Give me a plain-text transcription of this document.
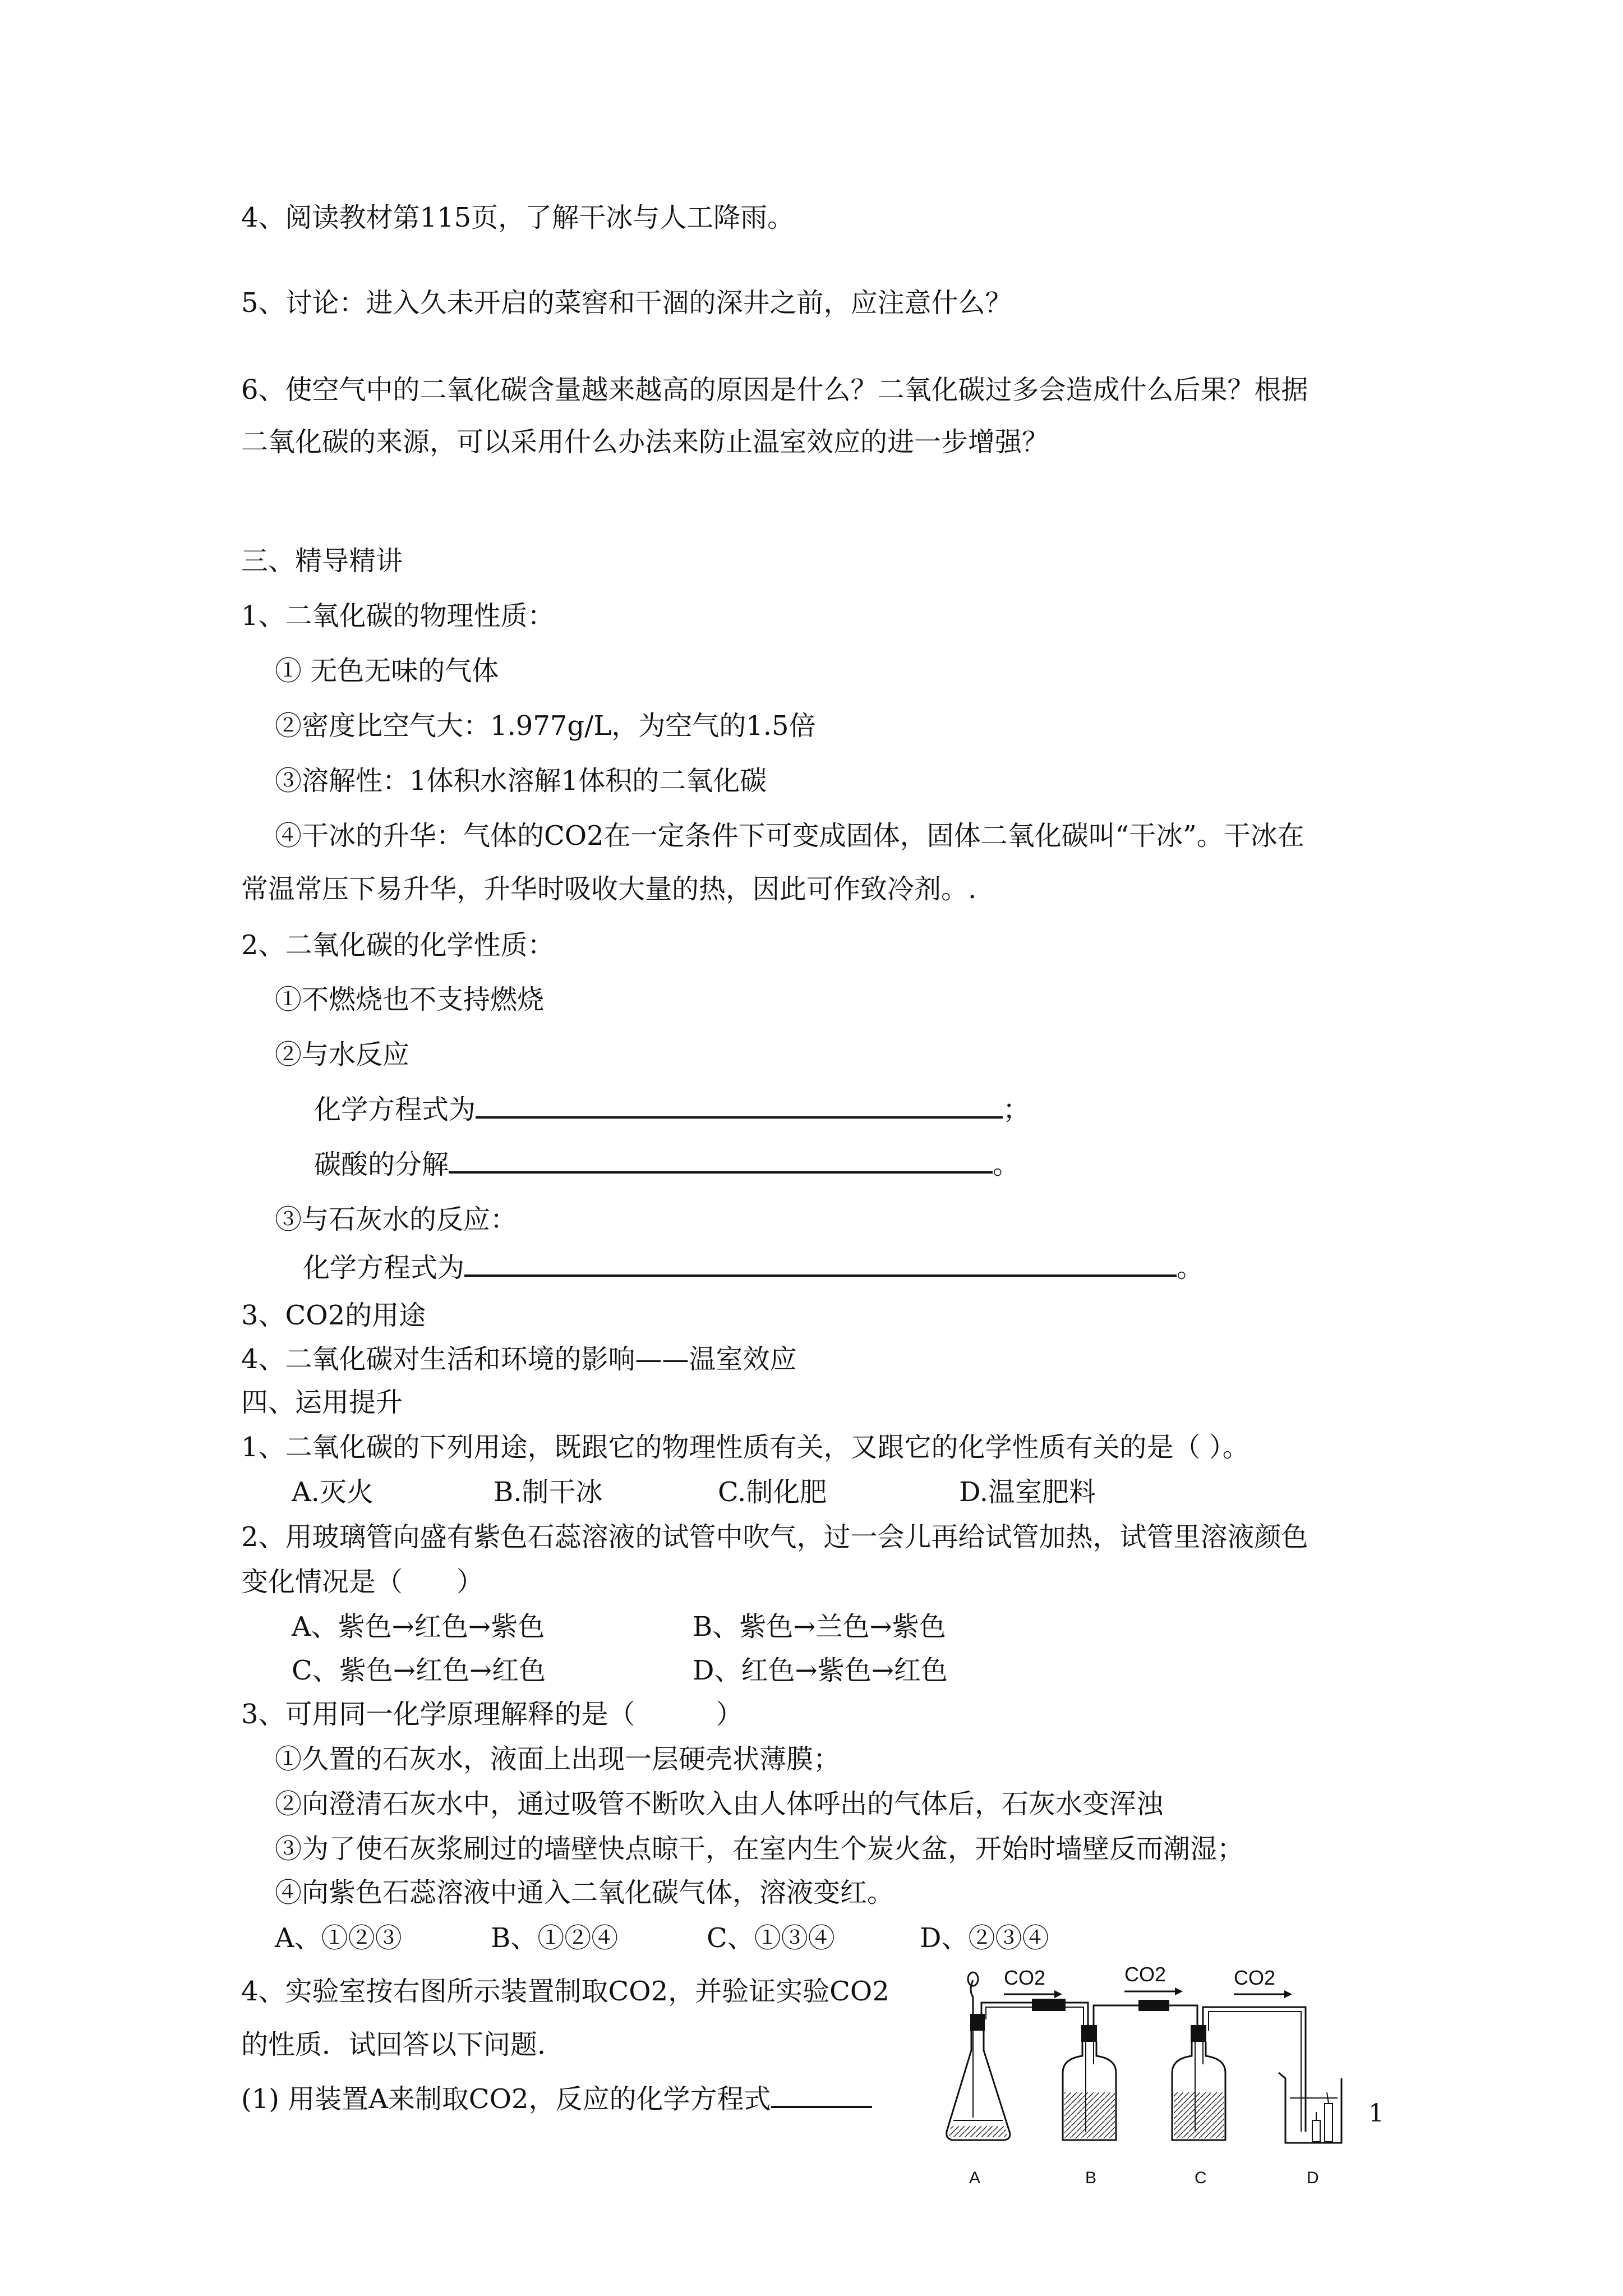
4、阅读教材第115页，了解干冰与人工降雨。
5、讨论：进入久未开启的菜窖和干涸的深井之前，应注意什么？
6、使空气中的二氧化碳含量越来越高的原因是什么？二氧化碳过多会造成什么后果？根据
二氧化碳的来源，可以采用什么办法来防止温室效应的进一步增强？
三、精导精讲
1、二氧化碳的物理性质：
① 无色无味的气体
②密度比空气大：1.977g/L，为空气的1.5倍
③溶解性：1体积水溶解1体积的二氧化碳
④干冰的升华：气体的CO2在一定条件下可变成固体，固体二氧化碳叫“干冰”。干冰在
常温常压下易升华，升华时吸收大量的热，因此可作致冷剂。.
2、二氧化碳的化学性质：
①不燃烧也不支持燃烧
②与水反应
化学方程式为	；
碳酸的分解	。
③与石灰水的反应：
化学方程式为	。
3、CO2的用途
4、二氧化碳对生活和环境的影响——温室效应
四、运用提升
1、二氧化碳的下列用途，既跟它的物理性质有关，又跟它的化学性质有关的是（ ）。
A.灭火	B.制干冰	C.制化肥	D.温室肥料
2、用玻璃管向盛有紫色石蕊溶液的试管中吹气，过一会儿再给试管加热，试管里溶液颜色
变化情况是（　　）
A、紫色→红色→紫色	B、紫色→兰色→紫色
C、紫色→红色→红色	D、红色→紫色→红色
3、可用同一化学原理解释的是（　　　）
①久置的石灰水，液面上出现一层硬壳状薄膜；
②向澄清石灰水中，通过吸管不断吹入由人体呼出的气体后，石灰水变浑浊
③为了使石灰浆刷过的墙壁快点晾干，在室内生个炭火盆，开始时墙壁反而潮湿；
④向紫色石蕊溶液中通入二氧化碳气体，溶液变红。
A、①②③	B、①②④	C、①③④	D、②③④
4、实验室按右图所示装置制取CO2，并验证实验CO2
的性质．试回答以下问题．
(1) 用装置A来制取CO2，反应的化学方程式
CO2	CO2	CO2
A	B	C	D
1
